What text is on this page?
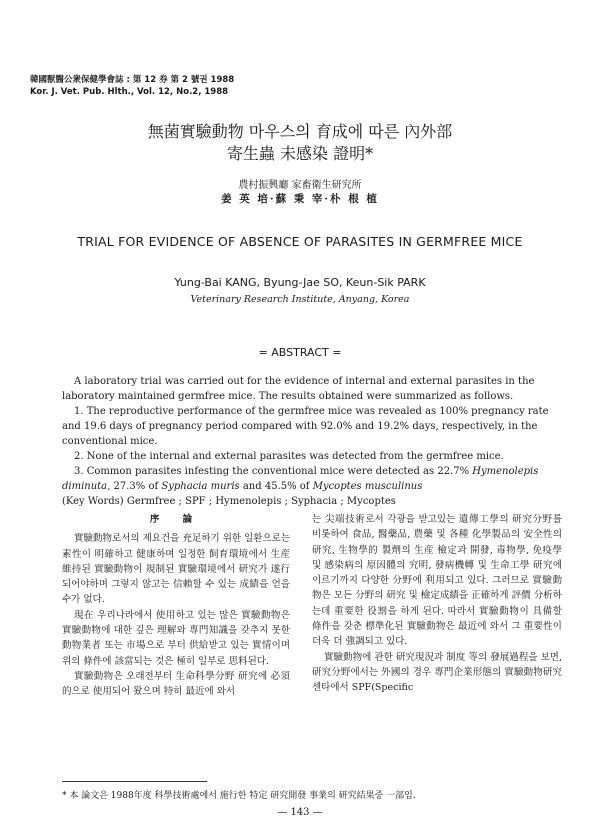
韓國獸醫公衆保健學會誌 : 第 12 券 第 2 號권 1988
Kor. J. Vet. Pub. Hlth., Vol. 12, No.2, 1988
無菌實驗動物 마우스의 育成에 따른 內外部
寄生蟲 未感染 證明*
農村振興廳 家畜衛生研究所
姜 英 培·蘇 秉 宰·朴 根 植
TRIAL FOR EVIDENCE OF ABSENCE OF PARASITES IN GERMFREE MICE
Yung-Bai KANG, Byung-Jae SO, Keun-Sik PARK
Veterinary Research Institute, Anyang, Korea
= ABSTRACT =
A laboratory trial was carried out for the evidence of internal and external parasites in the laboratory maintained germfree mice. The results obtained were summarized as follows.
1. The reproductive performance of the germfree mice was revealed as 100% pregnancy rate and 19.6 days of pregnancy period compared with 92.0% and 19.2% days, respectively, in the conventional mice.
2. None of the internal and external parasites was detected from the germfree mice.
3. Common parasites infesting the conventional mice were detected as 22.7% Hymenolepis diminuta, 27.3% of Syphacia muris and 45.5% of Mycoptes musculinus
(Key Words) Germfree ; SPF ; Hymenolepis ; Syphacia ; Mycoptes
序 論

實驗動物로서의 제요건을 充足하기 위한 일환으로는 素性이 明確하고 健康하며 일정한 飼育環境에서 生産 維持된 實驗動物이 規制된 實驗環境에서 研究가 遂行되어야하며 그렇지 않고는 信賴할 수 있는 成績을 얻을 수가 없다.

現在 우리나라에서 使用하고 있는 많은 實驗動物은 實驗動物에 대한 깊은 理解와 專門知識을 갖추지 못한 動物業者 또는 市場으로 부터 供給받고 있는 實情이며 위의 條件에 該當되는 것은 極히 일부로 思料된다.

實驗動物은 오래전부터 生命科學分野 研究에 必須的으로 使用되어 왔으며 特히 最近에 와서

는 尖端技術로서 각광을 받고있는 遺傳工學의 研究分野를 비롯하여 食品, 醫藥品, 農藥 및 各種 化學製品의 安全性의 研究, 生物學的 製劑의 生産 檢定과 開發, 毒物學, 免疫學 및 感染病의 原因體의 究明, 發病機轉 및 生命工學 研究에 이르기까지 다양한 分野에 利用되고 있다. 그러므로 實驗動物은 모든 分野의 研究 및 檢定成績을 正確하게 評價 分析하는데 重要한 役割을 하게 된다. 따라서 實驗動物이 具備할 條件을 갖춘 標準化된 實驗動物은 最近에 와서 그 重要性이 더욱 더 強調되고 있다.

實驗動物에 관한 研究現況과 制度 等의 發展過程을 보면, 研究分野에서는 外國의 경우 專門企業形態의 實驗動物研究센타에서 SPF(Specific

* 本 論文은 1988年度 科學技術處에서 施行한 特定 研究開發 事業의 研究結果중 一部임.
— 143 —
